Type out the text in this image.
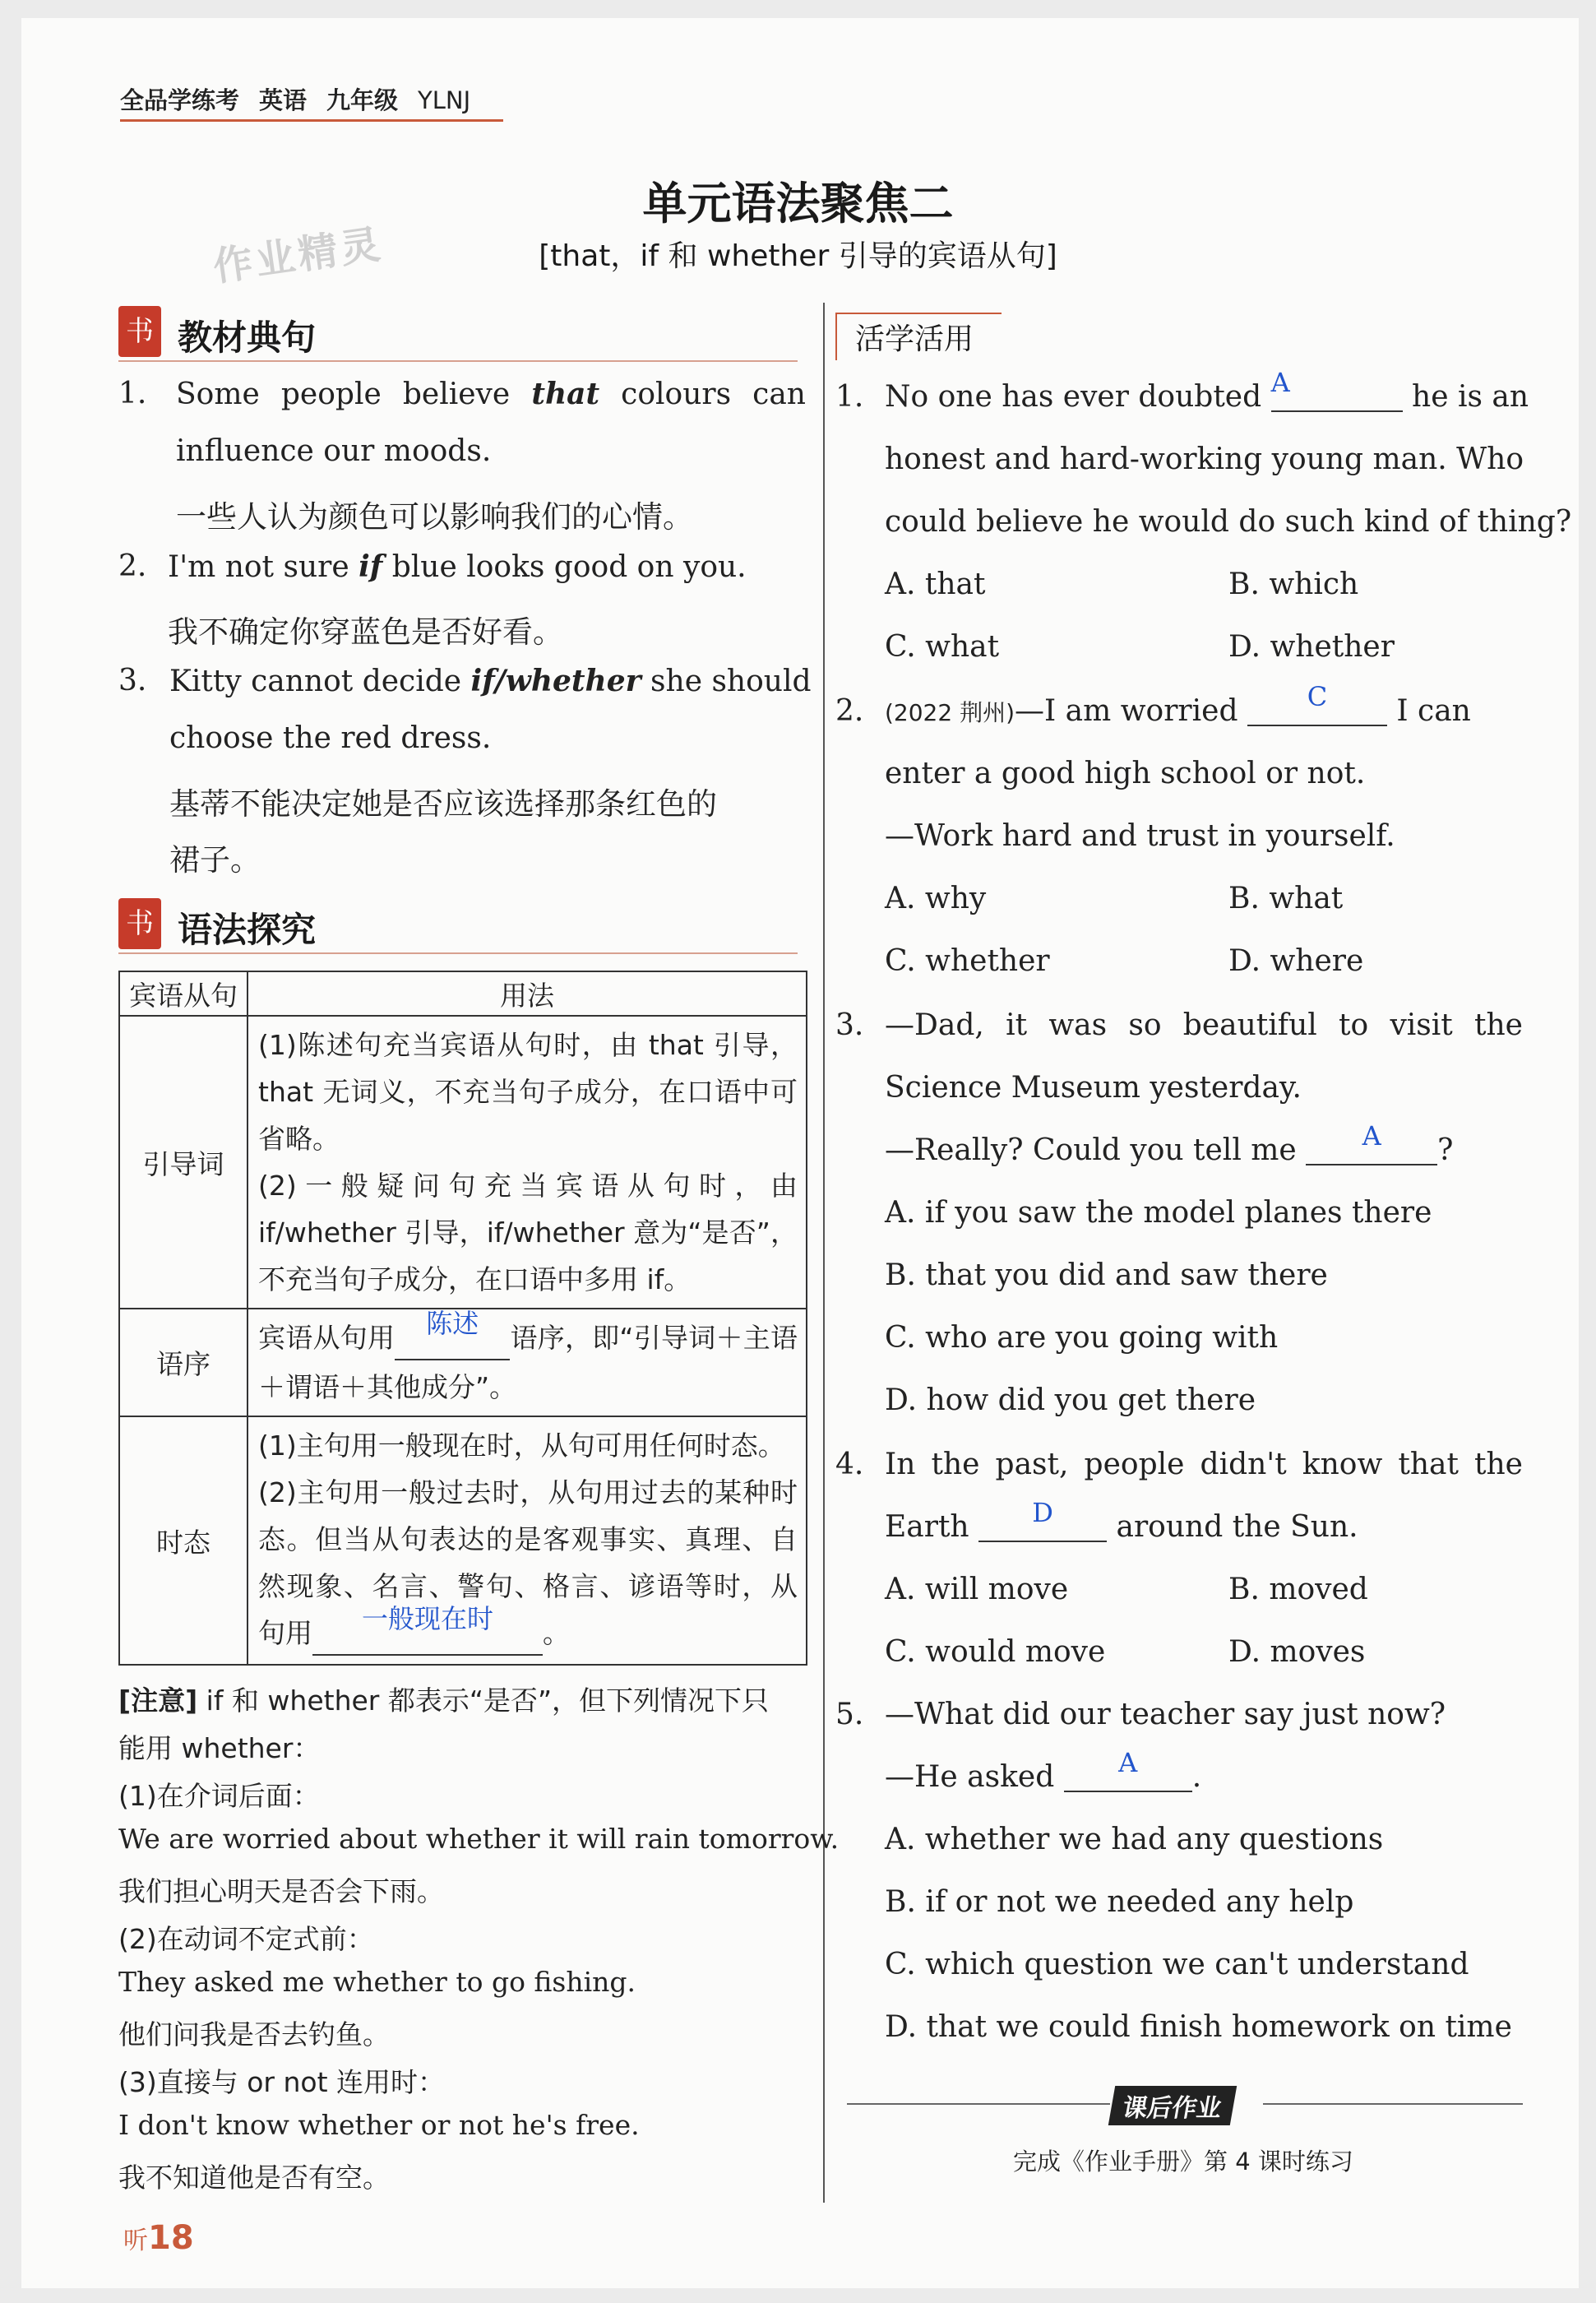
全品学练考 英语 九年级 YLNJ
单元语法聚焦二
[that，if 和 whether 引导的宾语从句]
作业精灵
书 教材典句
1. Some people believe that colours can
influence our moods.
一些人认为颜色可以影响我们的心情。
2. I'm not sure if blue looks good on you.
我不确定你穿蓝色是否好看。
3. Kitty cannot decide if/whether she should
choose the red dress.
基蒂不能决定她是否应该选择那条红色的
裙子。
书 语法探究
宾语从句	用法
引导词	(1)陈述句充当宾语从句时，由 that 引导，that 无词义，不充当句子成分，在口语中可省略。
(2)一般疑问句充当宾语从句时，由 if/whether 引导，if/whether 意为“是否”，不充当句子成分，在口语中多用 if。

语序	宾语从句用 陈述 语序，即“引导词＋主语＋谓语＋其他成分”。
时态	(1)主句用一般现在时，从句可用任何时态。
(2)主句用一般过去时，从句用过去的某种时态。但当从句表达的是客观事实、真理、自然现象、名言、警句、格言、谚语等时，从句用 一般现在时 。
[注意] if 和 whether 都表示“是否”，但下列情况下只
能用 whether：
(1)在介词后面：
We are worried about whether it will rain tomorrow.
我们担心明天是否会下雨。
(2)在动词不定式前：
They asked me whether to go fishing.
他们问我是否去钓鱼。
(3)直接与 or not 连用时：
I don't know whether or not he's free.
我不知道他是否有空。
听18
活学活用
1. No one has ever doubted A	he is an
honest and hard-working young man. Who
could believe he would do such kind of thing?
A. that	B. which
C. what	D. whether
2. (2022 荆州)—I am worried C I can
enter a good high school or not.
—Work hard and trust in yourself.
A. why	B. what
C. whether	D. where
3. —Dad, it was so beautiful to visit the
Science Museum yesterday.
—Really? Could you tell me A ?
A. if you saw the model planes there
B. that you did and saw there
C. who are you going with
D. how did you get there
4. In the past, people didn't know that the
Earth D around the Sun.
A. will move	B. moved
C. would move	D. moves
5. —What did our teacher say just now?
—He asked A .
A. whether we had any questions
B. if or not we needed any help
C. which question we can't understand
D. that we could finish homework on time
课后作业
完成《作业手册》第 4 课时练习
